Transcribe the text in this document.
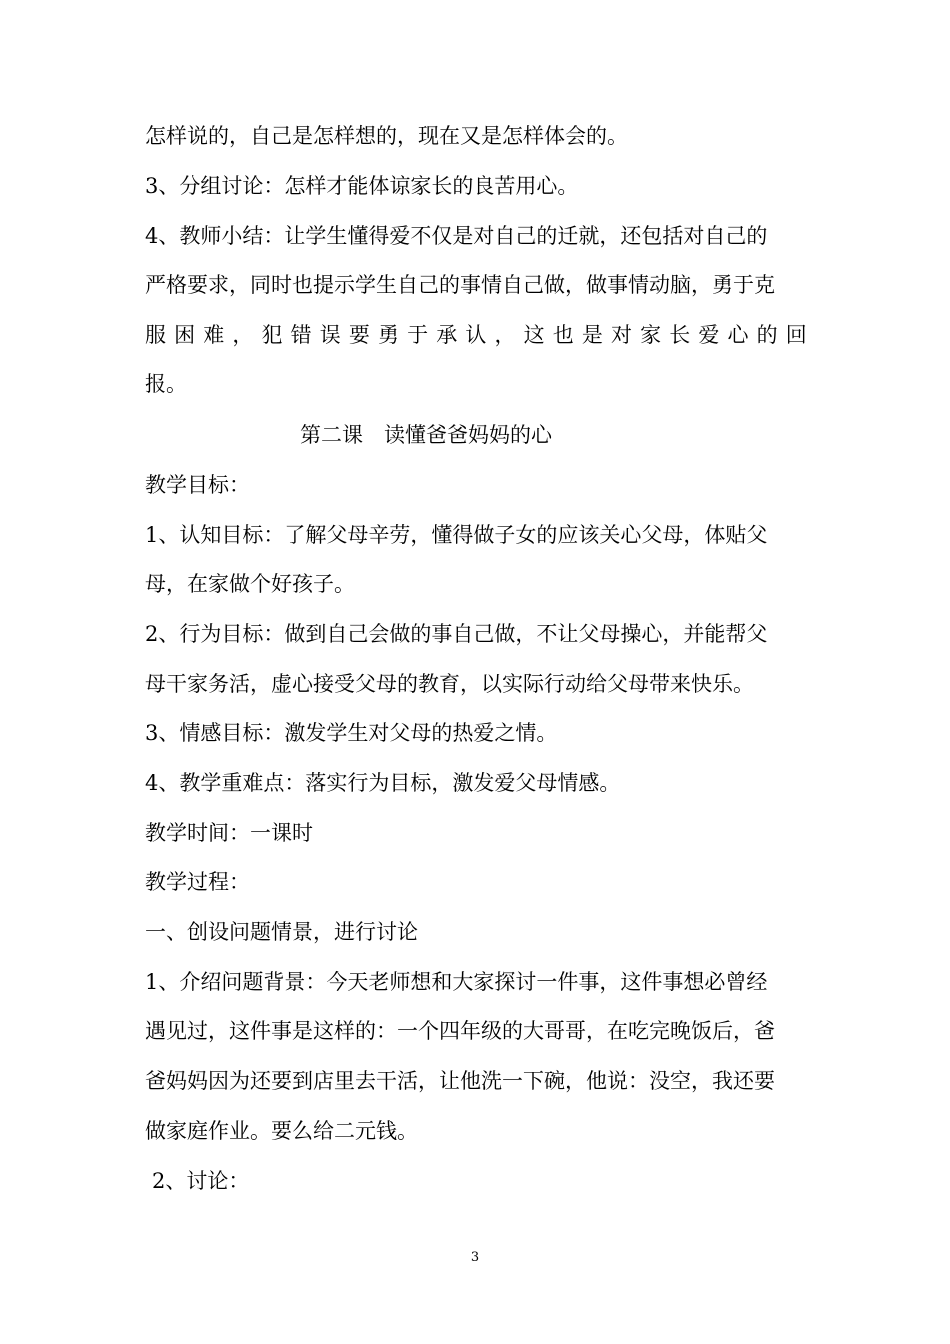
怎样说的，自己是怎样想的，现在又是怎样体会的。
3、分组讨论：怎样才能体谅家长的良苦用心。
4、教师小结：让学生懂得爱不仅是对自己的迁就，还包括对自己的
严格要求，同时也提示学生自己的事情自己做，做事情动脑，勇于克
服 困 难 ， 犯 错 误 要 勇 于 承 认 ， 这 也 是 对 家 长 爱 心 的 回
报。
第二课　读懂爸爸妈妈的心
教学目标：
1、认知目标：了解父母辛劳，懂得做子女的应该关心父母，体贴父
母，在家做个好孩子。
2、行为目标：做到自己会做的事自己做，不让父母操心，并能帮父
母干家务活，虚心接受父母的教育，以实际行动给父母带来快乐。
3、情感目标：激发学生对父母的热爱之情。
4、教学重难点：落实行为目标，激发爱父母情感。
教学时间：一课时
教学过程：
一、创设问题情景，进行讨论
1、介绍问题背景：今天老师想和大家探讨一件事，这件事想必曾经
遇见过，这件事是这样的：一个四年级的大哥哥，在吃完晚饭后，爸
爸妈妈因为还要到店里去干活，让他洗一下碗，他说：没空，我还要
做家庭作业。要么给二元钱。
2、讨论：
3
